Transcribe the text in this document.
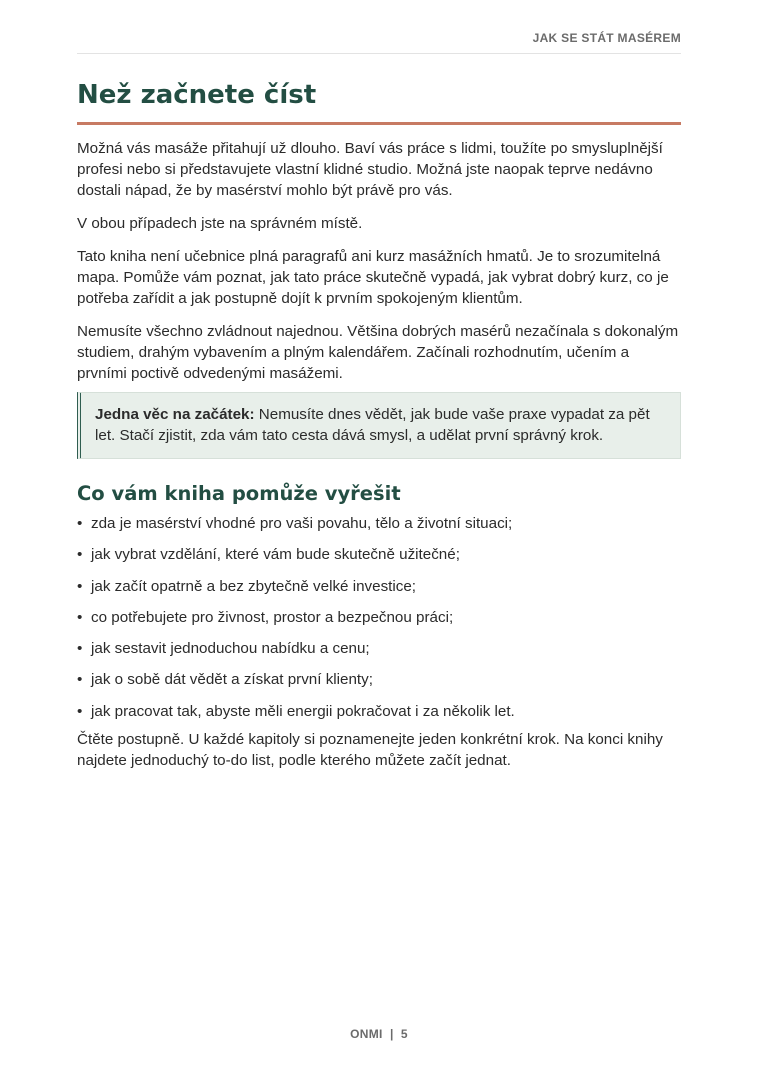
JAK SE STÁT MASÉREM
Než začnete číst

Možná vás masáže přitahují už dlouho. Baví vás práce s lidmi, toužíte po smysluplnější profesi nebo si představujete vlastní klidné studio. Možná jste naopak teprve nedávno dostali nápad, že by masérství mohlo být právě pro vás.

V obou případech jste na správném místě.

Tato kniha není učebnice plná paragrafů ani kurz masážních hmatů. Je to srozumitelná mapa. Pomůže vám poznat, jak tato práce skutečně vypadá, jak vybrat dobrý kurz, co je potřeba zařídit a jak postupně dojít k prvním spokojeným klientům.

Nemusíte všechno zvládnout najednou. Většina dobrých masérů nezačínala s dokonalým studiem, drahým vybavením a plným kalendářem. Začínali rozhodnutím, učením a prvními poctivě odvedenými masážemi.

Jedna věc na začátek: Nemusíte dnes vědět, jak bude vaše praxe vypadat za pět let. Stačí zjistit, zda vám tato cesta dává smysl, a udělat první správný krok.
Co vám kniha pomůže vyřešit
• zda je masérství vhodné pro vaši povahu, tělo a životní situaci;
• jak vybrat vzdělání, které vám bude skutečně užitečné;
• jak začít opatrně a bez zbytečně velké investice;
• co potřebujete pro živnost, prostor a bezpečnou práci;
• jak sestavit jednoduchou nabídku a cenu;
• jak o sobě dát vědět a získat první klienty;
• jak pracovat tak, abyste měli energii pokračovat i za několik let.

Čtěte postupně. U každé kapitoly si poznamenejte jeden konkrétní krok. Na konci knihy najdete jednoduchý to-do list, podle kterého můžete začít jednat.

ONMI | 5
